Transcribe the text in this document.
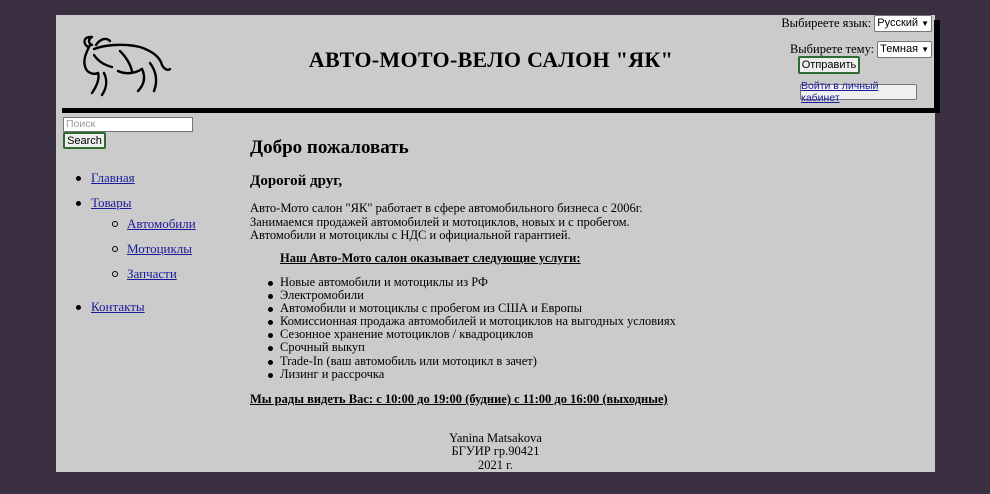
АВТО-МОТО-ВЕЛО САЛОН "ЯК"
Выбиреете язык: Русский ▼
Выбирете тему: Темная ▼
Отправить
Войти в личный кабинет
Поиск
Search
Главная
Товары
Автомобили
Мотоциклы
Запчасти
Контакты
Добро пожаловать
Дорогой друг,
Авто-Мото салон "ЯК" работает в сфере автомобильного бизнеса с 2006г.
Занимаемся продажей автомобилей и мотоциклов, новых и с пробегом.
Автомобили и мотоциклы с НДС и официальной гарантией.
Наш Авто-Мото салон оказывает следующие услуги:
Новые автомобили и мотоциклы из РФ
Электромобили
Автомобили и мотоциклы с пробегом из США и Европы
Комиссионная продажа автомобилей и мотоциклов на выгодных условиях
Сезонное хранение мотоциклов / квадроциклов
Срочный выкуп
Trade-In (ваш автомобиль или мотоцикл в зачет)
Лизинг и рассрочка
Мы рады видеть Вас: с 10:00 до 19:00 (будние) с 11:00 до 16:00 (выходные)
Yanina Matsakova
БГУИР гр.90421
2021 г.
